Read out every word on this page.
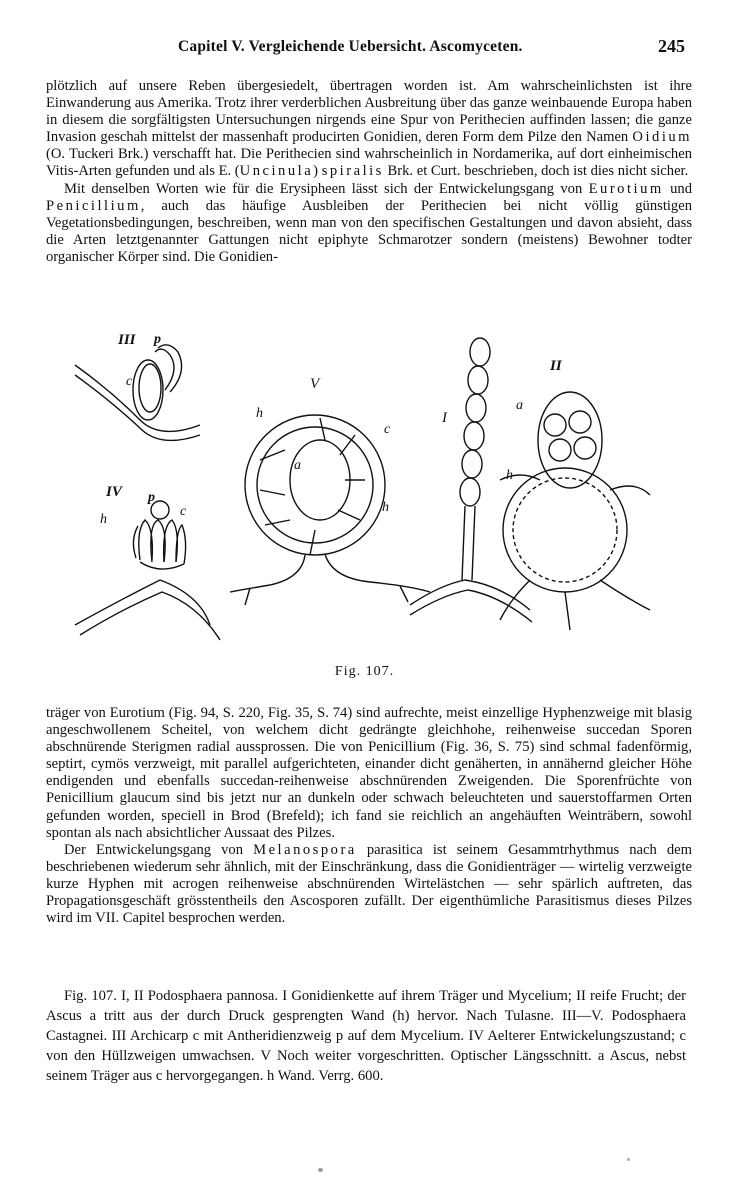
Capitel V. Vergleichende Uebersicht. Ascomyceten.	245

plötzlich auf unsere Reben übergesiedelt, übertragen worden ist. Am wahrscheinlichsten ist ihre Einwanderung aus Amerika. Trotz ihrer verderblichen Ausbreitung über das ganze weinbauende Europa haben in diesem die sorgfältigsten Untersuchungen nirgends eine Spur von Perithecien auffinden lassen; die ganze Invasion geschah mittelst der massenhaft producirten Gonidien, deren Form dem Pilze den Namen Oidium (O. Tuckeri Brk.) verschafft hat. Die Perithecien sind wahrscheinlich in Nordamerika, auf dort einheimischen Vitis-Arten gefunden und als E. (Uncinula) spiralis Brk. et Curt. beschrieben, doch ist dies nicht sicher.

Mit denselben Worten wie für die Erysipheen lässt sich der Entwickelungsgang von Eurotium und Penicillium, auch das häufige Ausbleiben der Perithecien bei nicht völlig günstigen Vegetationsbedingungen, beschreiben, wenn man von den specifischen Gestaltungen und davon absieht, dass die Arten letztgenannter Gattungen nicht epiphyte Schmarotzer sondern (meistens) Bewohner todter organischer Körper sind. Die Gonidien-

III p
c
IV p
c
h
V
h
c
a
h
I
II
a
h
Fig. 107.

träger von Eurotium (Fig. 94, S. 220, Fig. 35, S. 74) sind aufrechte, meist einzellige Hyphenzweige mit blasig angeschwollenem Scheitel, von welchem dicht gedrängte gleichhohe, reihenweise succedan Sporen abschnürende Sterigmen radial aussprossen. Die von Penicillium (Fig. 36, S. 75) sind schmal fadenförmig, septirt, cymös verzweigt, mit parallel aufgerichteten, einander dicht genäherten, in annähernd gleicher Höhe endigenden und ebenfalls succedan-reihenweise abschnürenden Zweigenden. Die Sporenfrüchte von Penicillium glaucum sind bis jetzt nur an dunkeln oder schwach beleuchteten und sauerstoffarmen Orten gefunden worden, speciell in Brod (Brefeld); ich fand sie reichlich an angehäuften Weinträbern, sowohl spontan als nach absichtlicher Aussaat des Pilzes.

Der Entwickelungsgang von Melanospora parasitica ist seinem Gesammtrhythmus nach dem beschriebenen wiederum sehr ähnlich, mit der Einschränkung, dass die Gonidienträger — wirtelig verzweigte kurze Hyphen mit acrogen reihenweise abschnürenden Wirtelästchen — sehr spärlich auftreten, das Propagationsgeschäft grösstentheils den Ascosporen zufällt. Der eigenthümliche Parasitismus dieses Pilzes wird im VII. Capitel besprochen werden.

Fig. 107. I, II Podosphaera pannosa. I Gonidienkette auf ihrem Träger und Mycelium; II reife Frucht; der Ascus a tritt aus der durch Druck gesprengten Wand (h) hervor. Nach Tulasne. III—V. Podosphaera Castagnei. III Archicarp c mit Antheridienzweig p auf dem Mycelium. IV Aelterer Entwickelungszustand; c von den Hüllzweigen umwachsen. V Noch weiter vorgeschritten. Optischer Längsschnitt. a Ascus, nebst seinem Träger aus c hervorgegangen. h Wand. Verrg. 600.
